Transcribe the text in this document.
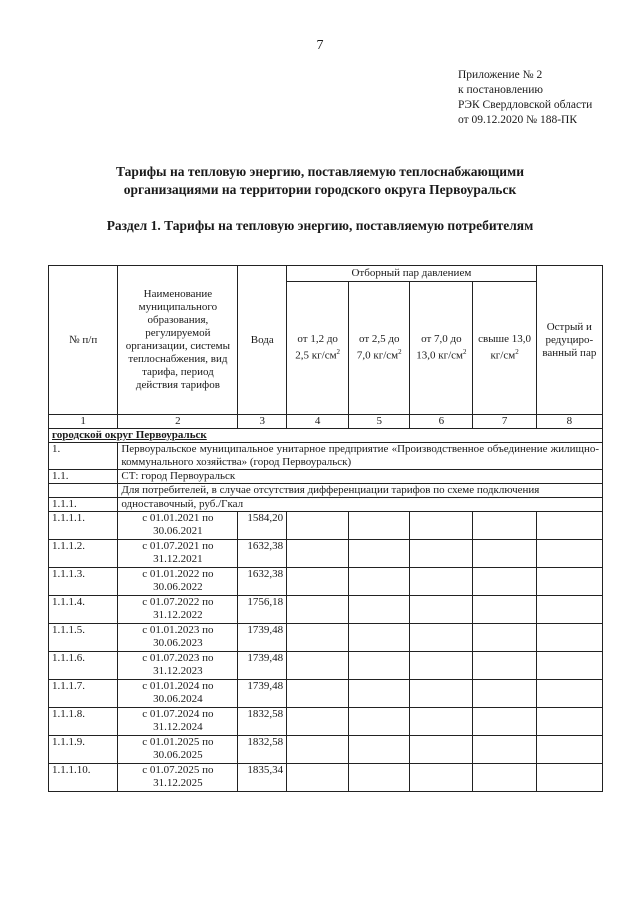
7
Приложение № 2
к постановлению
РЭК Свердловской области
от 09.12.2020 № 188-ПК
Тарифы на тепловую энергию, поставляемую теплоснабжающими
организациями на территории городского округа Первоуральск
Раздел 1. Тарифы на тепловую энергию, поставляемую потребителям
№ п/п	Наименование муниципального образования, регулируемой организации, системы теплоснабжения, вид тарифа, период действия тарифов	Вода	Отборный пар давлением				Острый и редуциро-ванный пар
			от 1,2 до 2,5 $кг/см^2$	от 2,5 до 7,0 $кг/см^2$	от 7,0 до 13,0 $кг/см^2$	свыше 13,0 $кг/см^2$
1	2	3	4	5	6	7	8
городской округ Первоуральск							
1.	Первоуральское муниципальное унитарное предприятие «Производственное объединение жилищно-коммунального хозяйства» (город Первоуральск)						
1.1.	СТ: город Первоуральск						
	Для потребителей, в случае отсутствия дифференциации тарифов по схеме подключения						
1.1.1.	одноставочный, руб./Гкал						
1.1.1.1.	с 01.01.2021 по 30.06.2021	1584,20					
1.1.1.2.	с 01.07.2021 по 31.12.2021	1632,38					
1.1.1.3.	с 01.01.2022 по 30.06.2022	1632,38					
1.1.1.4.	с 01.07.2022 по 31.12.2022	1756,18					
1.1.1.5.	с 01.01.2023 по 30.06.2023	1739,48					
1.1.1.6.	с 01.07.2023 по 31.12.2023	1739,48					
1.1.1.7.	с 01.01.2024 по 30.06.2024	1739,48					
1.1.1.8.	с 01.07.2024 по 31.12.2024	1832,58					
1.1.1.9.	с 01.01.2025 по 30.06.2025	1832,58					
1.1.1.10.	с 01.07.2025 по 31.12.2025	1835,34					
